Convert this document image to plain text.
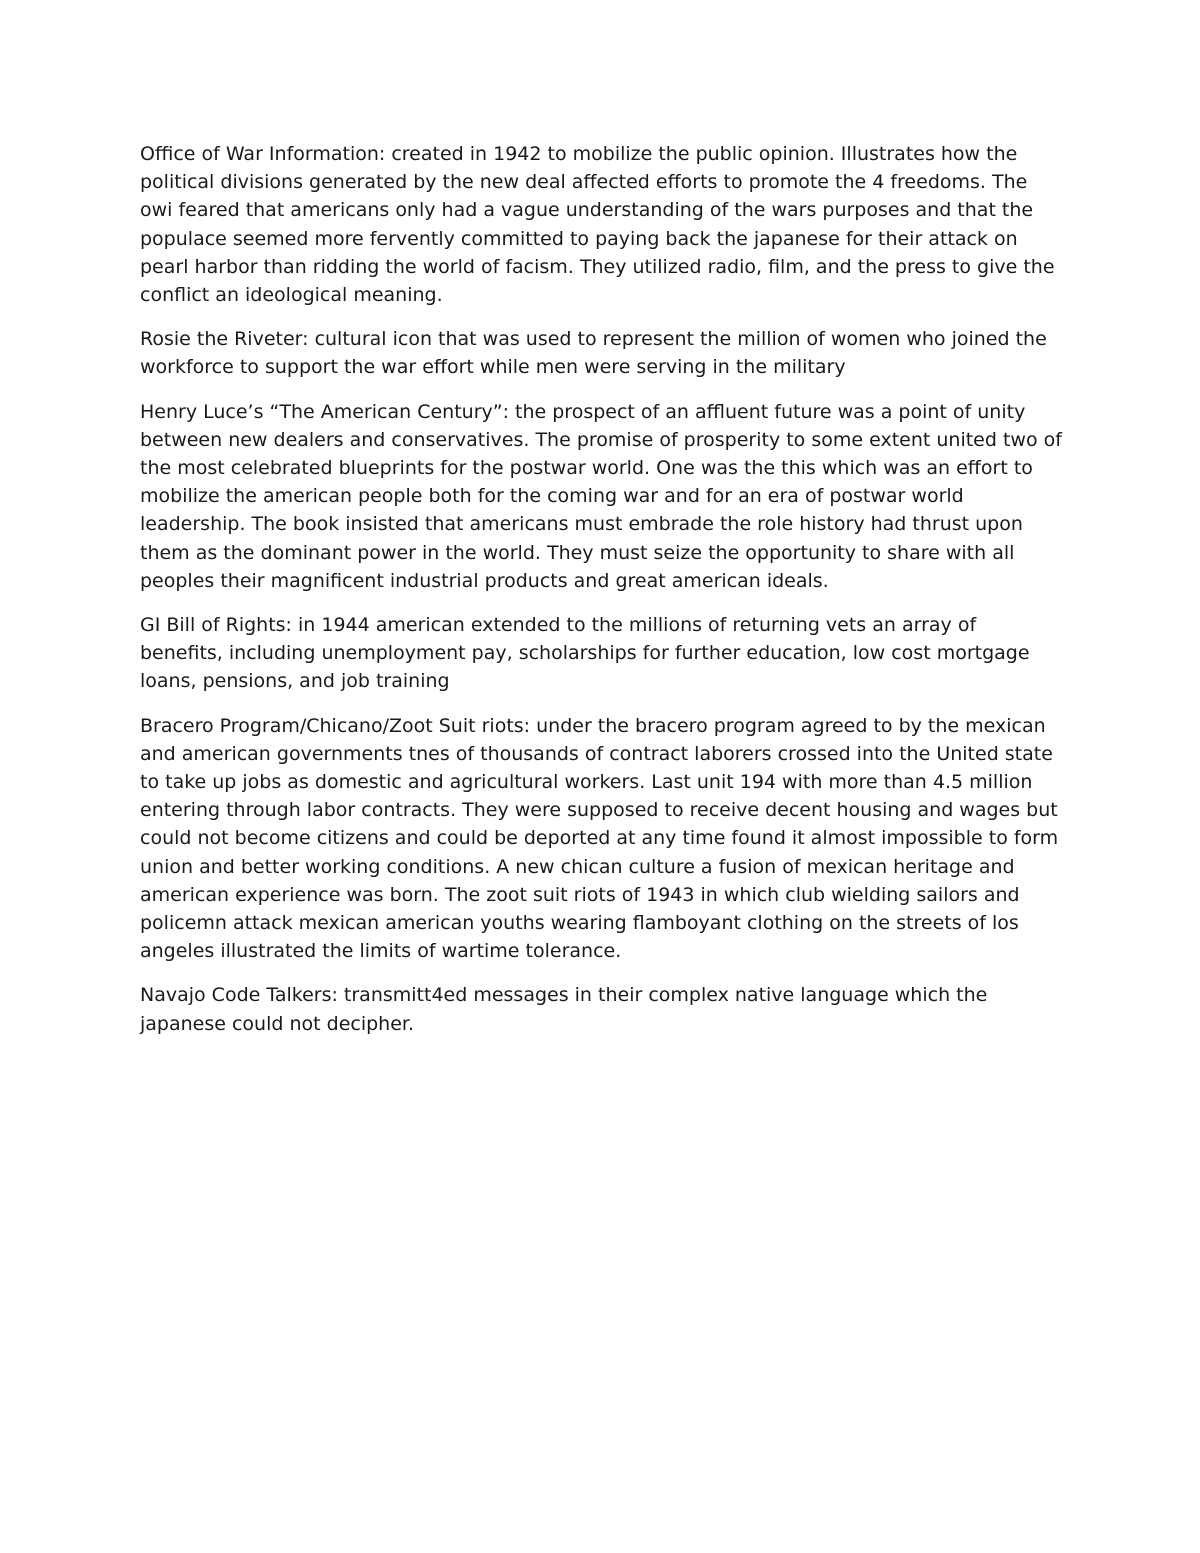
Office of War Information: created in 1942 to mobilize the public opinion. Illustrates how the political divisions generated by the new deal affected efforts to promote the 4 freedoms. The owi feared that americans only had a vague understanding of the wars purposes and that the populace seemed more fervently committed to paying back the japanese for their attack on pearl harbor than ridding the world of facism. They utilized radio, film, and the press to give the conflict an ideological meaning.

Rosie the Riveter: cultural icon that was used to represent the million of women who joined the workforce to support the war effort while men were serving in the military

Henry Luce’s “The American Century”: the prospect of an affluent future was a point of unity between new dealers and conservatives. The promise of prosperity to some extent united two of the most celebrated blueprints for the postwar world. One was the this which was an effort to mobilize the american people both for the coming war and for an era of postwar world leadership. The book insisted that americans must embrade the role history had thrust upon them as the dominant power in the world. They must seize the opportunity to share with all peoples their magnificent industrial products and great american ideals.

GI Bill of Rights: in 1944 american extended to the millions of returning vets an array of benefits, including unemployment pay, scholarships for further education, low cost mortgage loans, pensions, and job training

Bracero Program/Chicano/Zoot Suit riots: under the bracero program agreed to by the mexican and american governments tnes of thousands of contract laborers crossed into the United state to take up jobs as domestic and agricultural workers. Last unit 194 with more than 4.5 million entering through labor contracts. They were supposed to receive decent housing and wages but could not become citizens and could be deported at any time found it almost impossible to form union and better working conditions. A new chican culture a fusion of mexican heritage and american experience was born. The zoot suit riots of 1943 in which club wielding sailors and policemn attack mexican american youths wearing flamboyant clothing on the streets of los angeles illustrated the limits of wartime tolerance.

Navajo Code Talkers: transmitt4ed messages in their complex native language which the japanese could not decipher.
